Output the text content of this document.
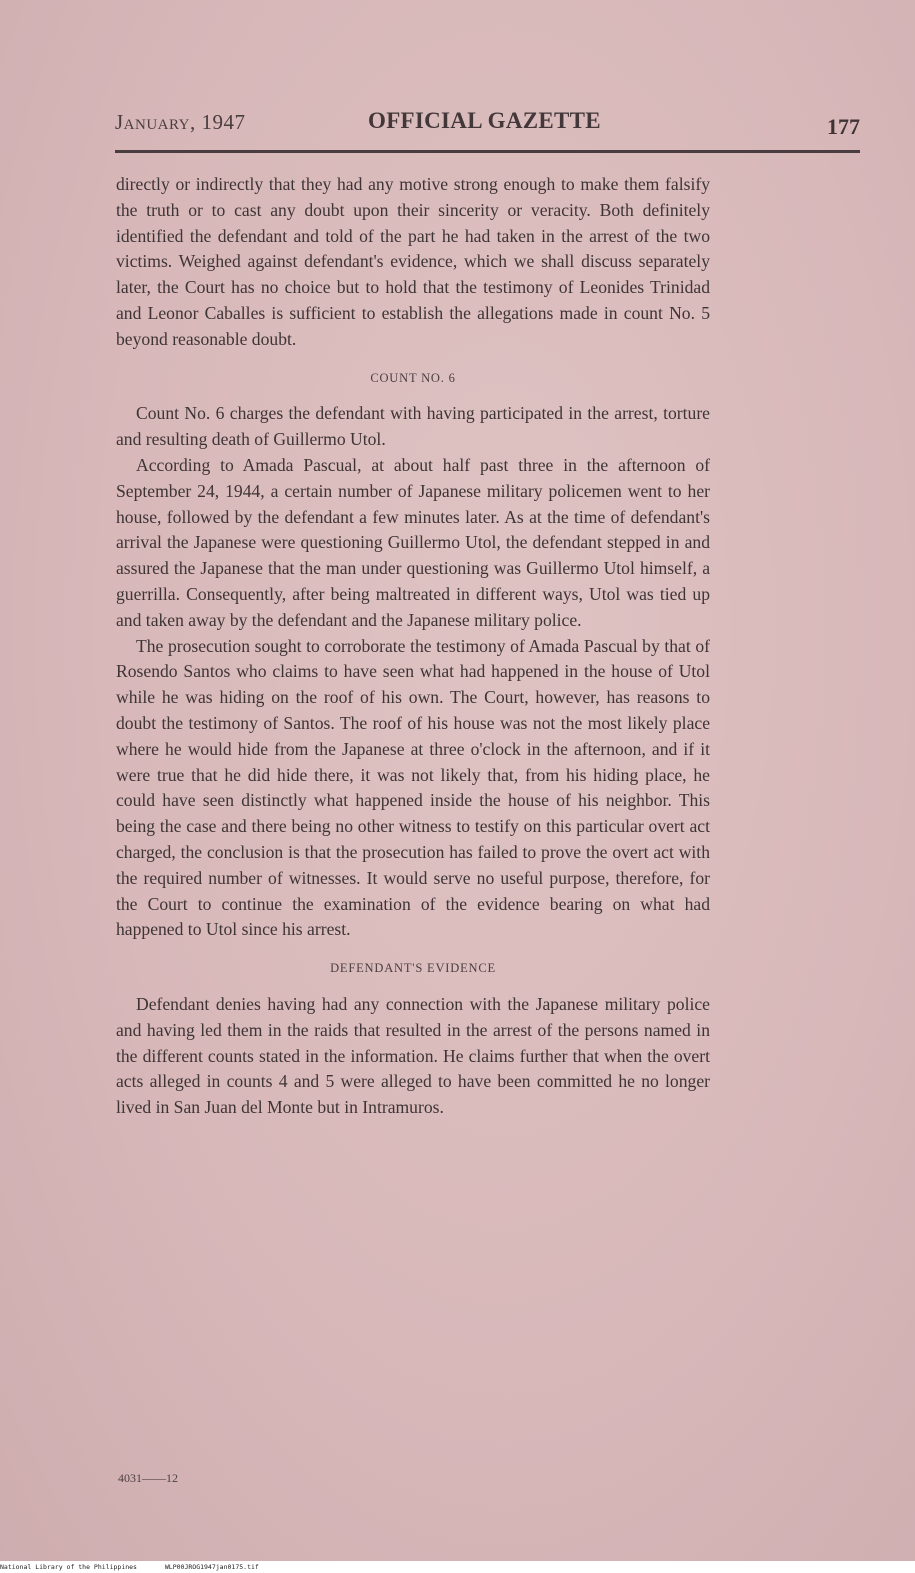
January, 1947	OFFICIAL GAZETTE	177

directly or indirectly that they had any motive strong enough to make them falsify the truth or to cast any doubt upon their sincerity or veracity. Both definitely identified the defendant and told of the part he had taken in the arrest of the two victims. Weighed against defendant's evidence, which we shall discuss separately later, the Court has no choice but to hold that the testimony of Leonides Trinidad and Leonor Caballes is sufficient to establish the allegations made in count No. 5 beyond reasonable doubt.

COUNT NO. 6

Count No. 6 charges the defendant with having participated in the arrest, torture and resulting death of Guillermo Utol.

According to Amada Pascual, at about half past three in the afternoon of September 24, 1944, a certain number of Japanese military policemen went to her house, followed by the defendant a few minutes later. As at the time of defendant's arrival the Japanese were questioning Guillermo Utol, the defendant stepped in and assured the Japanese that the man under questioning was Guillermo Utol himself, a guerrilla. Consequently, after being maltreated in different ways, Utol was tied up and taken away by the defendant and the Japanese military police.

The prosecution sought to corroborate the testimony of Amada Pascual by that of Rosendo Santos who claims to have seen what had happened in the house of Utol while he was hiding on the roof of his own. The Court, however, has reasons to doubt the testimony of Santos. The roof of his house was not the most likely place where he would hide from the Japanese at three o'clock in the afternoon, and if it were true that he did hide there, it was not likely that, from his hiding place, he could have seen distinctly what happened inside the house of his neighbor. This being the case and there being no other witness to testify on this particular overt act charged, the conclusion is that the prosecution has failed to prove the overt act with the required number of witnesses. It would serve no useful purpose, therefore, for the Court to continue the examination of the evidence bearing on what had happened to Utol since his arrest.

DEFENDANT'S EVIDENCE

Defendant denies having had any connection with the Japanese military police and having led them in the raids that resulted in the arrest of the persons named in the different counts stated in the information. He claims further that when the overt acts alleged in counts 4 and 5 were alleged to have been committed he no longer lived in San Juan del Monte but in Intramuros.

4031——12
National Library of the Philippines	WLP00JROG1947jan0175.tif
